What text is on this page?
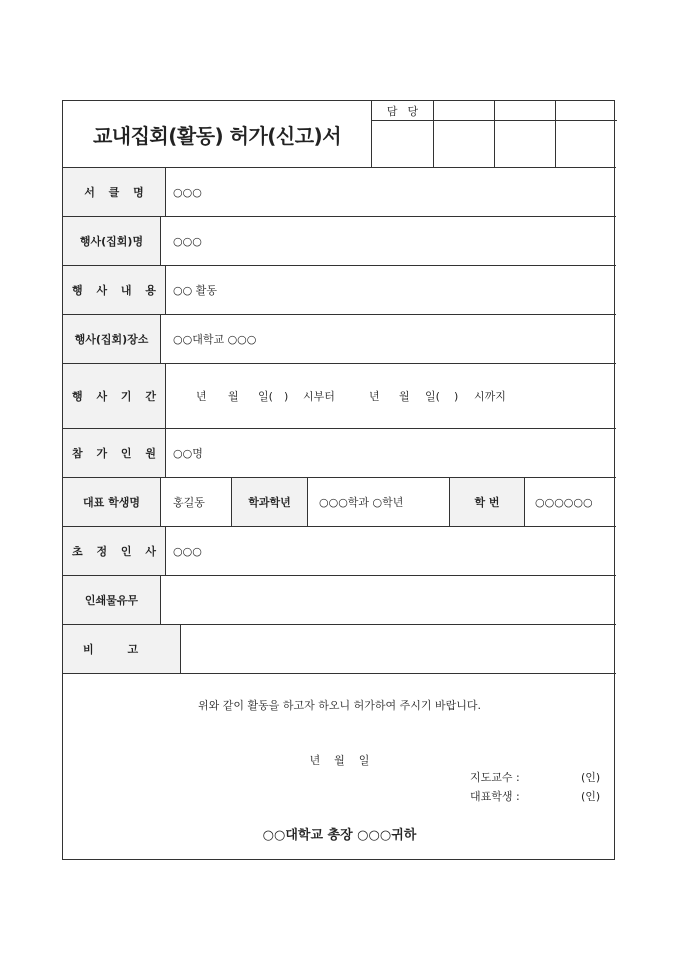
교내집회(활동) 허가(신고)서
담당
서 클 명	○○○
행사(집회)명	○○○
행 사 내 용	○○ 활동
행사(집회)장소	○○대학교 ○○○
행 사 기 간	년 월 일( ) 시부터	년 월 일( ) 시까지
참 가 인 원	○○명
대표 학생명	홍길동	학과학년	○○○학과 ○학년	학 번	○○○○○○
초 정 인 사	○○○
인쇄물유무
비 고
위와 같이 활동을 하고자 하오니 허가하여 주시기 바랍니다.
년    월    일
지도교수 :	(인)
대표학생 :	(인)
○○대학교 총장 ○○○귀하
